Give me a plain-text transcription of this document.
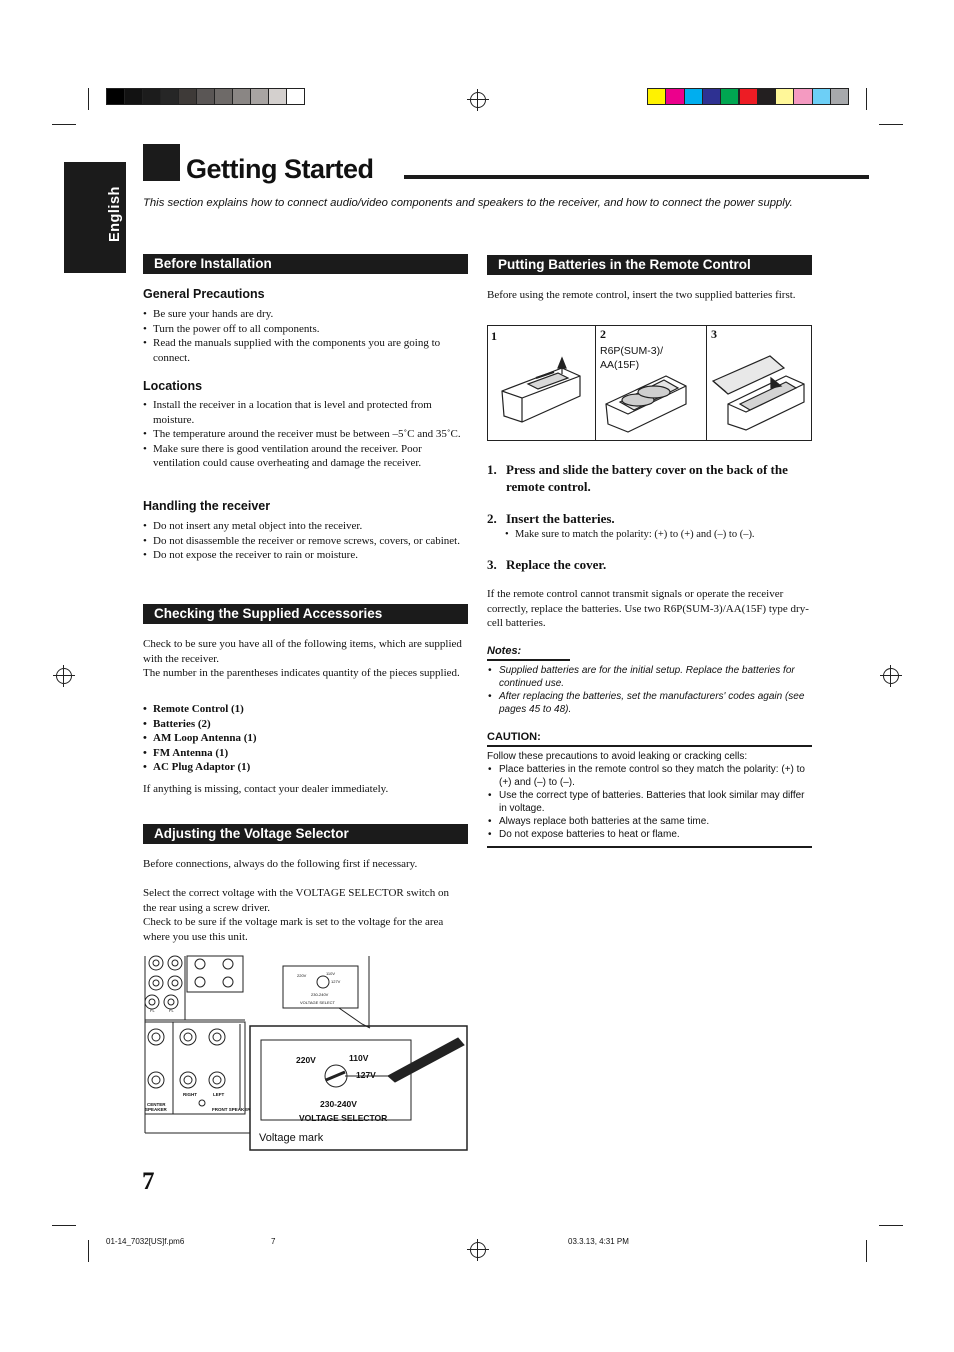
English
Getting Started
This section explains how to connect audio/video components and speakers to the receiver, and how to connect the power supply.
Before Installation
General Precautions
• Be sure your hands are dry.
• Turn the power off to all components.
• Read the manuals supplied with the components you are going to connect.
Locations
• Install the receiver in a location that is level and protected from moisture.
• The temperature around the receiver must be between –5˚C and 35˚C.
• Make sure there is good ventilation around the receiver. Poor ventilation could cause overheating and damage the receiver.
Handling the receiver
• Do not insert any metal object into the receiver.
• Do not disassemble the receiver or remove screws, covers, or cabinet.
• Do not expose the receiver to rain or moisture.
Checking the Supplied Accessories
Check to be sure you have all of the following items, which are supplied with the receiver.
The number in the parentheses indicates quantity of the pieces supplied.
• Remote Control (1)
• Batteries (2)
• AM Loop Antenna (1)
• FM Antenna (1)
• AC Plug Adaptor (1)
If anything is missing, contact your dealer immediately.
Adjusting the Voltage Selector
Before connections, always do the following first if necessary.
Select the correct voltage with the VOLTAGE SELECTOR switch on the rear using a screw driver.
Check to be sure if the voltage mark is set to the voltage for the area where you use this unit.
220V	110V
127V
230-240V
VOLTAGE SELECT
FL	FL
CENTER
SPEAKER
RIGHT	LEFT
FRONT SPEAKER
220V	110V
127V
230-240V
VOLTAGE SELECTOR
Voltage mark
Putting Batteries in the Remote Control
Before using the remote control, insert the two supplied batteries first.
1	2	3
R6P(SUM-3)/ AA(15F)
1. Press and slide the battery cover on the back of the remote control.
2. Insert the batteries.
3. Replace the cover.
• Make sure to match the polarity: (+) to (+) and (–) to (–).
If the remote control cannot transmit signals or operate the receiver correctly, replace the batteries. Use two R6P(SUM-3)/AA(15F) type dry-cell batteries.
Notes:
• Supplied batteries are for the initial setup. Replace the batteries for continued use.
• After replacing the batteries, set the manufacturers' codes again (see pages 45 to 48).
CAUTION:
Follow these precautions to avoid leaking or cracking cells:
• Place batteries in the remote control so they match the polarity: (+) to (+) and (–) to (–).
• Use the correct type of batteries. Batteries that look similar may differ in voltage.
• Always replace both batteries at the same time.
• Do not expose batteries to heat or flame.
7
01-14_7032[US]f.pm6	7	03.3.13, 4:31 PM
